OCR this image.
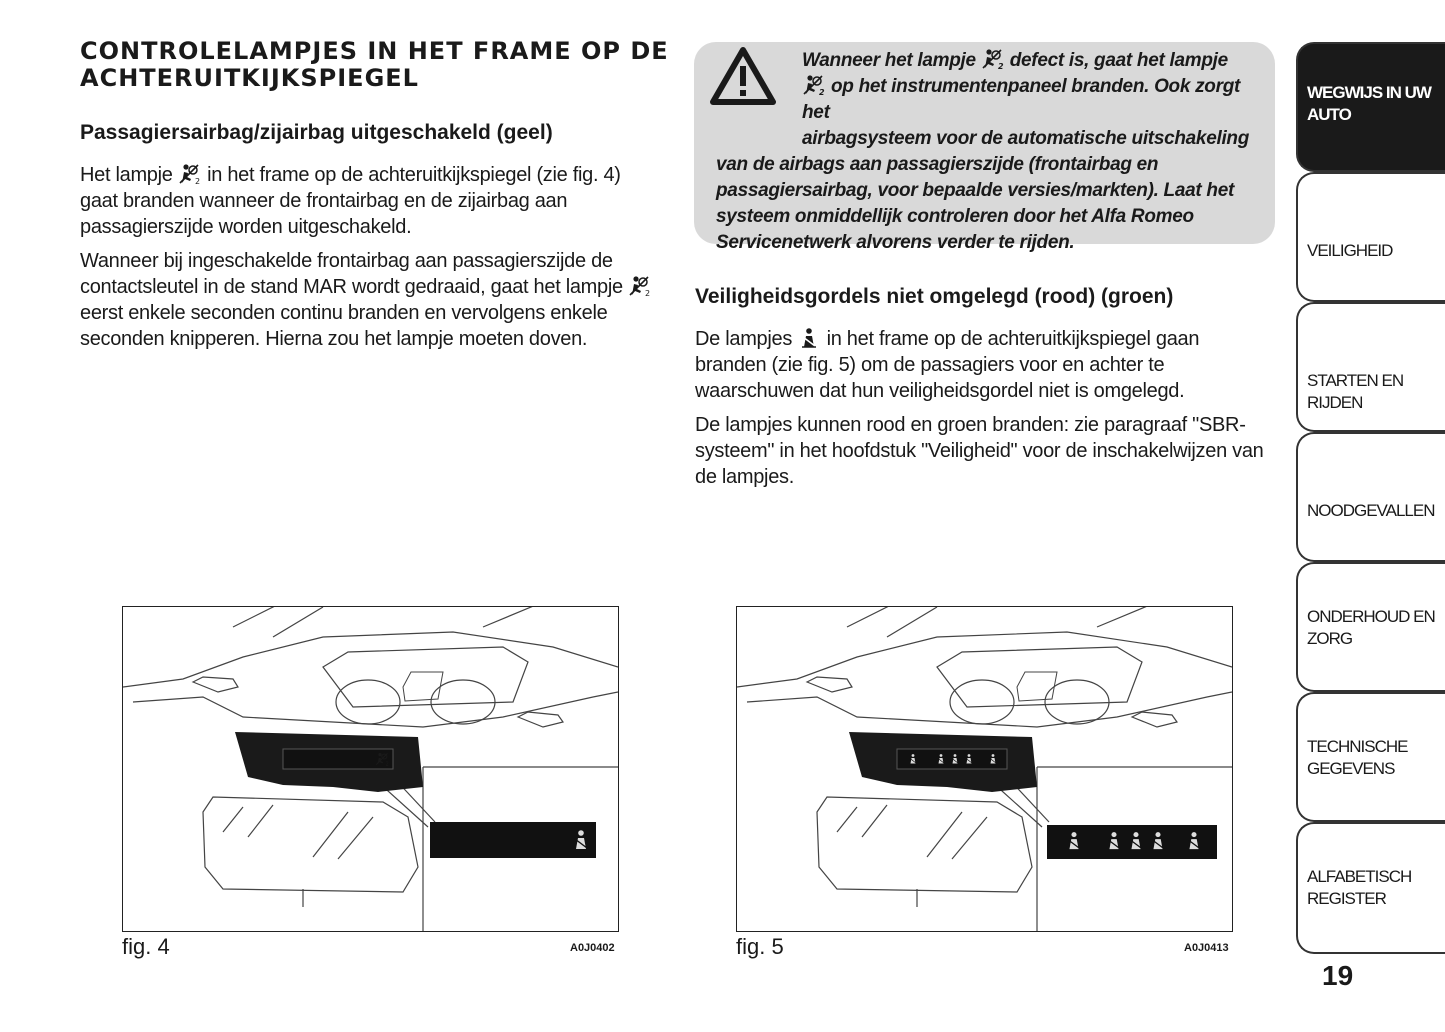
CONTROLELAMPJES IN HET FRAME OP DE ACHTERUITKIJKSPIEGEL
Passagiersairbag/zijairbag uitgeschakeld (geel)

Het lampje in het frame op de achteruitkijkspiegel (zie fig. 4) gaat branden wanneer de frontairbag en de zijairbag aan passagierszijde worden uitgeschakeld.

Wanneer bij ingeschakelde frontairbag aan passagierszijde de contactsleutel in de stand MAR wordt gedraaid, gaat het lampje  eerst enkele seconden continu branden en vervolgens enkele seconden knipperen. Hierna zou het lampje moeten doven.

Wanneer het lampje defect is, gaat het lampje
op het instrumentenpaneel branden. Ook zorgt het
airbagsysteem voor de automatische uitschakeling
van de airbags aan passagierszijde (frontairbag en passagiersairbag, voor bepaalde versies/markten). Laat het systeem onmiddellijk controleren door het Alfa Romeo Servicenetwerk alvorens verder te rijden.
Veiligheidsgordels niet omgelegd (rood) (groen)

De lampjes in het frame op de achteruitkijkspiegel gaan branden (zie fig. 5) om de passagiers voor en achter te waarschuwen dat hun veiligheidsgordel niet is omgelegd.

De lampjes kunnen rood en groen branden: zie paragraaf "SBR-systeem" in het hoofdstuk "Veiligheid" voor de inschakelwijzen van de lampjes.

fig. 4	A0J0402	fig. 5	A0J0413
WEGWIJS IN UW AUTO
VEILIGHEID
STARTEN EN RIJDEN
NOODGEVALLEN
ONDERHOUD EN ZORG
TECHNISCHE GEGEVENS
ALFABETISCH REGISTER
19
